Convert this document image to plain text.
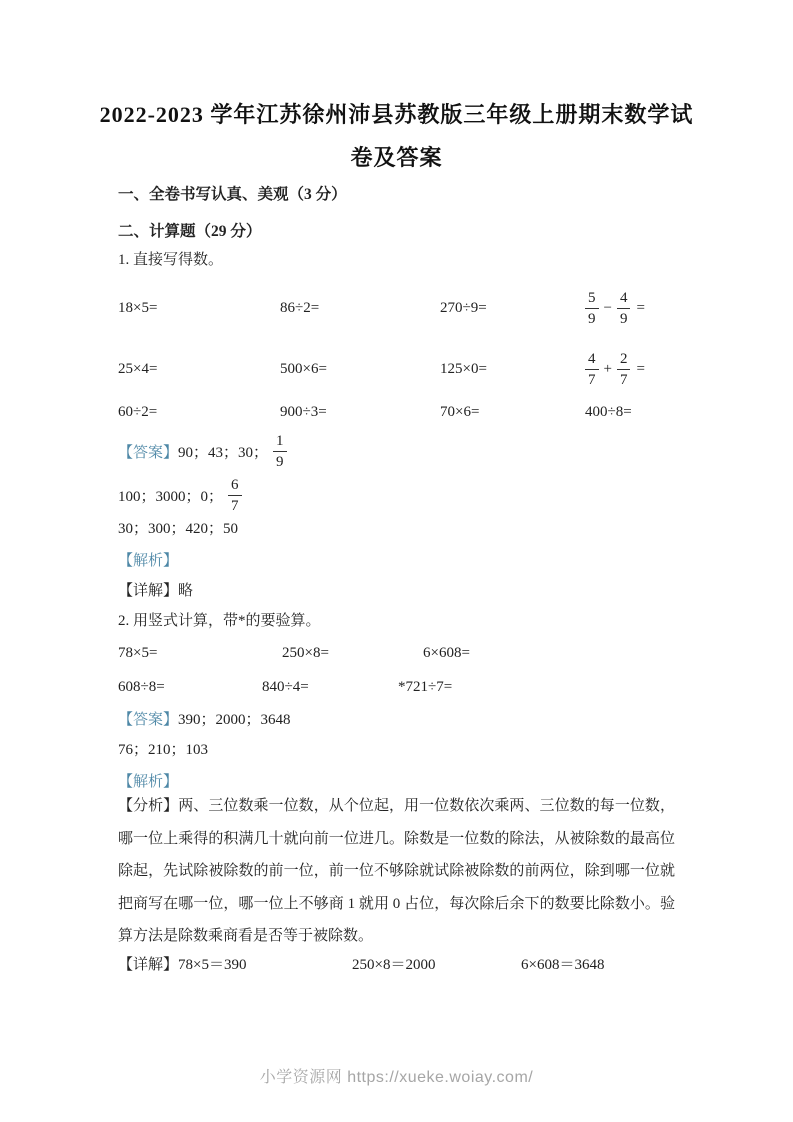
2022-2023 学年江苏徐州沛县苏教版三年级上册期末数学试
卷及答案
一、全卷书写认真、美观（3 分）
二、计算题（29 分）
1. 直接写得数。
18×5=	86÷2=	270÷9=	$\frac{5}{9} - \frac{4}{9}$ =
25×4=	500×6=	125×0=	$\frac{4}{7} + \frac{2}{7}$ =
60÷2=	900÷3=	70×6=	400÷8=
【答案】 90；43；30； $\frac{1}{9}$
100；3000；0； $\frac{6}{7}$
30；300；420；50
【解析】
【详解】略
2. 用竖式计算，带*的要验算。
78×5=	250×8=	6×608=
608÷8=	840÷4=	*721÷7=
【答案】 390；2000；3648
76；210；103
【解析】
【分析】两、三位数乘一位数，从个位起，用一位数依次乘两、三位数的每一位数，哪一位上乘得的积满几十就向前一位进几。除数是一位数的除法，从被除数的最高位除起，先试除被除数的前一位，前一位不够除就试除被除数的前两位，除到哪一位就把商写在哪一位，哪一位上不够商 1 就用 0 占位，每次除后余下的数要比除数小。验算方法是除数乘商看是否等于被除数。
【详解】78×5＝390	250×8＝2000	6×608＝3648
小学资源网 https://xueke.woiay.com/
